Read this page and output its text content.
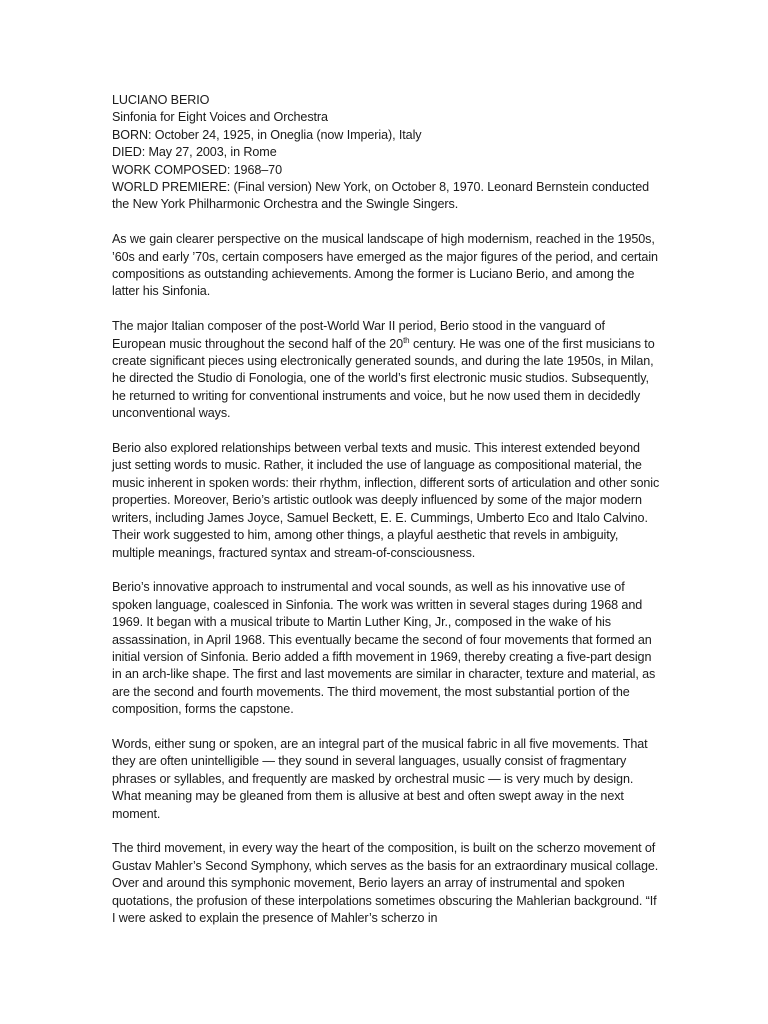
LUCIANO BERIO

Sinfonia for Eight Voices and Orchestra

BORN: October 24, 1925, in Oneglia (now Imperia), Italy

DIED: May 27, 2003, in Rome

WORK COMPOSED: 1968–70

WORLD PREMIERE: (Final version) New York, on October 8, 1970. Leonard Bernstein conducted the New York Philharmonic Orchestra and the Swingle Singers.

As we gain clearer perspective on the musical landscape of high modernism, reached in the 1950s, ’60s and early ’70s, certain composers have emerged as the major figures of the period, and certain compositions as outstanding achievements. Among the former is Luciano Berio, and among the latter his Sinfonia.

The major Italian composer of the post-World War II period, Berio stood in the vanguard of European music throughout the second half of the 20th century. He was one of the first musicians to create significant pieces using electronically generated sounds, and during the late 1950s, in Milan, he directed the Studio di Fonologia, one of the world’s first electronic music studios. Subsequently, he returned to writing for conventional instruments and voice, but he now used them in decidedly unconventional ways.

Berio also explored relationships between verbal texts and music. This interest extended beyond just setting words to music. Rather, it included the use of language as compositional material, the music inherent in spoken words: their rhythm, inflection, different sorts of articulation and other sonic properties. Moreover, Berio’s artistic outlook was deeply influenced by some of the major modern writers, including James Joyce, Samuel Beckett, E. E. Cummings, Umberto Eco and Italo Calvino. Their work suggested to him, among other things, a playful aesthetic that revels in ambiguity, multiple meanings, fractured syntax and stream-of-consciousness.

Berio’s innovative approach to instrumental and vocal sounds, as well as his innovative use of spoken language, coalesced in Sinfonia. The work was written in several stages during 1968 and 1969. It began with a musical tribute to Martin Luther King, Jr., composed in the wake of his assassination, in April 1968. This eventually became the second of four movements that formed an initial version of Sinfonia. Berio added a fifth movement in 1969, thereby creating a five-part design in an arch-like shape. The first and last movements are similar in character, texture and material, as are the second and fourth movements. The third movement, the most substantial portion of the composition, forms the capstone.

Words, either sung or spoken, are an integral part of the musical fabric in all five movements. That they are often unintelligible — they sound in several languages, usually consist of fragmentary phrases or syllables, and frequently are masked by orchestral music — is very much by design. What meaning may be gleaned from them is allusive at best and often swept away in the next moment.

The third movement, in every way the heart of the composition, is built on the scherzo movement of Gustav Mahler’s Second Symphony, which serves as the basis for an extraordinary musical collage. Over and around this symphonic movement, Berio layers an array of instrumental and spoken quotations, the profusion of these interpolations sometimes obscuring the Mahlerian background. “If I were asked to explain the presence of Mahler’s scherzo in
